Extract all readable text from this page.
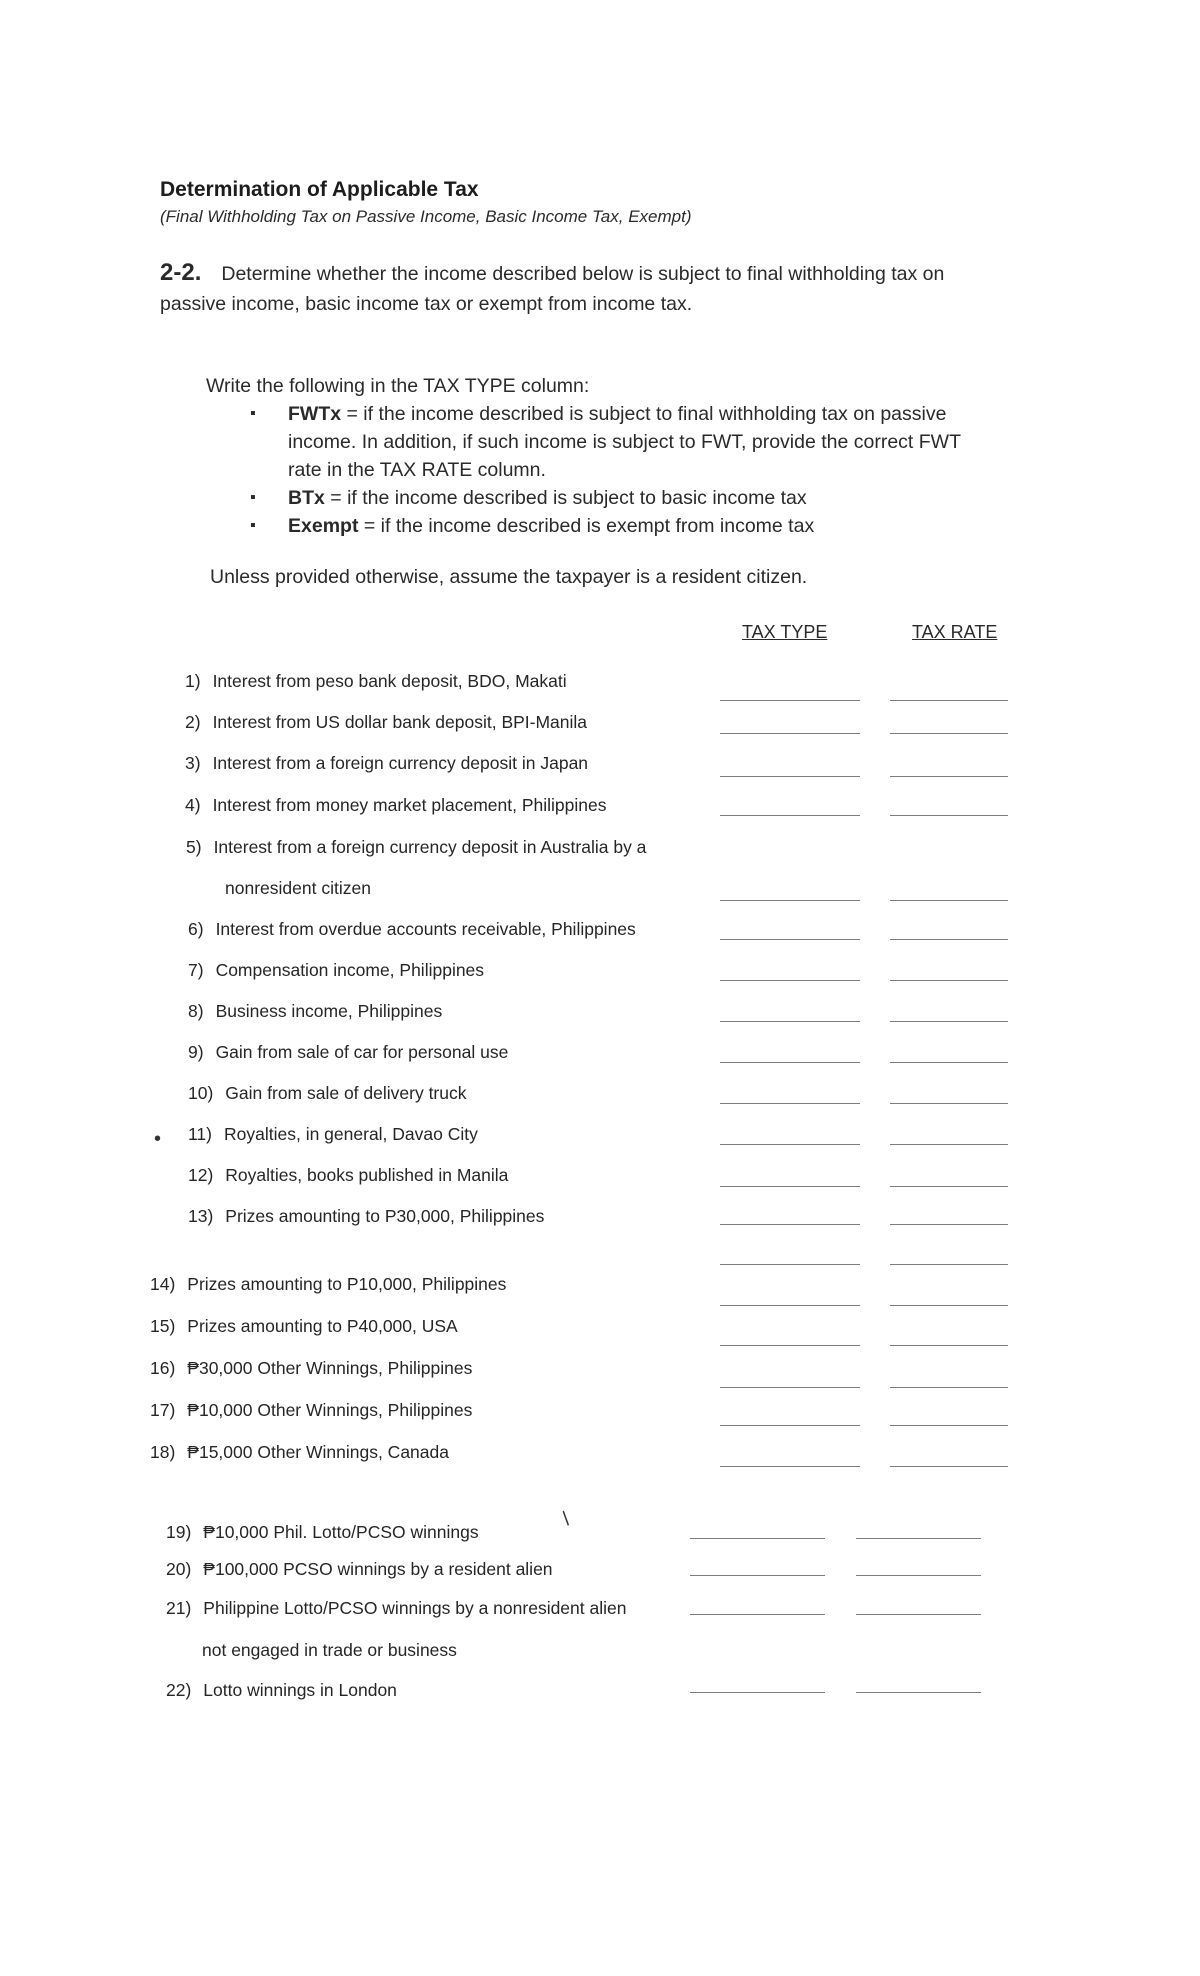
Determination of Applicable Tax
(Final Withholding Tax on Passive Income, Basic Income Tax, Exempt)
2-2. Determine whether the income described below is subject to final withholding tax on passive income, basic income tax or exempt from income tax.
Write the following in the TAX TYPE column:
▪ FWTx = if the income described is subject to final withholding tax on passive income. In addition, if such income is subject to FWT, provide the correct FWT rate in the TAX RATE column.
▪ BTx = if the income described is subject to basic income tax
▪ Exempt = if the income described is exempt from income tax
Unless provided otherwise, assume the taxpayer is a resident citizen.
TAX TYPE	TAX RATE
1) Interest from peso bank deposit, BDO, Makati
2) Interest from US dollar bank deposit, BPI-Manila
3) Interest from a foreign currency deposit in Japan
4) Interest from money market placement, Philippines
5) Interest from a foreign currency deposit in Australia by a
nonresident citizen
6) Interest from overdue accounts receivable, Philippines
7) Compensation income, Philippines
8) Business income, Philippines
9) Gain from sale of car for personal use
10) Gain from sale of delivery truck
11) Royalties, in general, Davao City
12) Royalties, books published in Manila
13) Prizes amounting to P30,000, Philippines
14) Prizes amounting to P10,000, Philippines
15) Prizes amounting to P40,000, USA
16) ₱30,000 Other Winnings, Philippines
17) ₱10,000 Other Winnings, Philippines
18) ₱15,000 Other Winnings, Canada
19) ₱10,000 Phil. Lotto/PCSO winnings
20) ₱100,000 PCSO winnings by a resident alien
21) Philippine Lotto/PCSO winnings by a nonresident alien
not engaged in trade or business
22) Lotto winnings in London
•
/
